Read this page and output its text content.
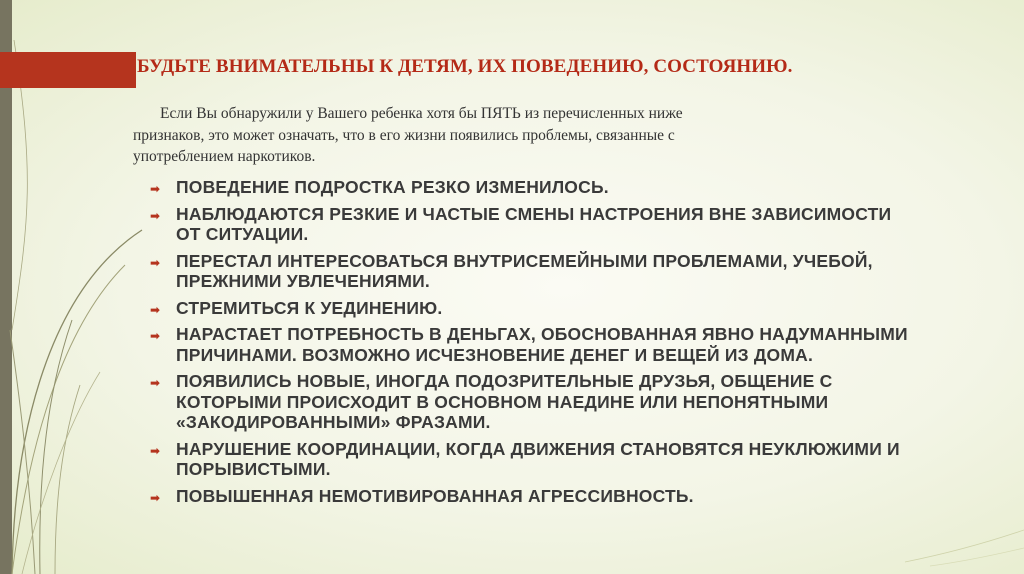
БУДЬТЕ ВНИМАТЕЛЬНЫ К ДЕТЯМ, ИХ ПОВЕДЕНИЮ, СОСТОЯНИЮ.
Если Вы обнаружили у Вашего ребенка хотя бы ПЯТЬ из перечисленных ниже признаков, это может означать, что в его жизни появились проблемы, связанные с употреблением наркотиков.
➡ ПОВЕДЕНИЕ ПОДРОСТКА РЕЗКО ИЗМЕНИЛОСЬ.
➡ НАБЛЮДАЮТСЯ РЕЗКИЕ И ЧАСТЫЕ СМЕНЫ НАСТРОЕНИЯ ВНЕ ЗАВИСИМОСТИ ОТ СИТУАЦИИ.
➡ ПЕРЕСТАЛ ИНТЕРЕСОВАТЬСЯ ВНУТРИСЕМЕЙНЫМИ ПРОБЛЕМАМИ, УЧЕБОЙ, ПРЕЖНИМИ УВЛЕЧЕНИЯМИ.
➡ СТРЕМИТЬСЯ К УЕДИНЕНИЮ.
➡ НАРАСТАЕТ ПОТРЕБНОСТЬ В ДЕНЬГАХ, ОБОСНОВАННАЯ ЯВНО НАДУМАННЫМИ ПРИЧИНАМИ. ВОЗМОЖНО ИСЧЕЗНОВЕНИЕ ДЕНЕГ И ВЕЩЕЙ ИЗ ДОМА.
➡ ПОЯВИЛИСЬ НОВЫЕ, ИНОГДА ПОДОЗРИТЕЛЬНЫЕ ДРУЗЬЯ, ОБЩЕНИЕ С КОТОРЫМИ ПРОИСХОДИТ В ОСНОВНОМ НАЕДИНЕ ИЛИ НЕПОНЯТНЫМИ «ЗАКОДИРОВАННЫМИ» ФРАЗАМИ.
➡ НАРУШЕНИЕ КООРДИНАЦИИ, КОГДА ДВИЖЕНИЯ СТАНОВЯТСЯ НЕУКЛЮЖИМИ И ПОРЫВИСТЫМИ.
➡ ПОВЫШЕННАЯ НЕМОТИВИРОВАННАЯ АГРЕССИВНОСТЬ.
